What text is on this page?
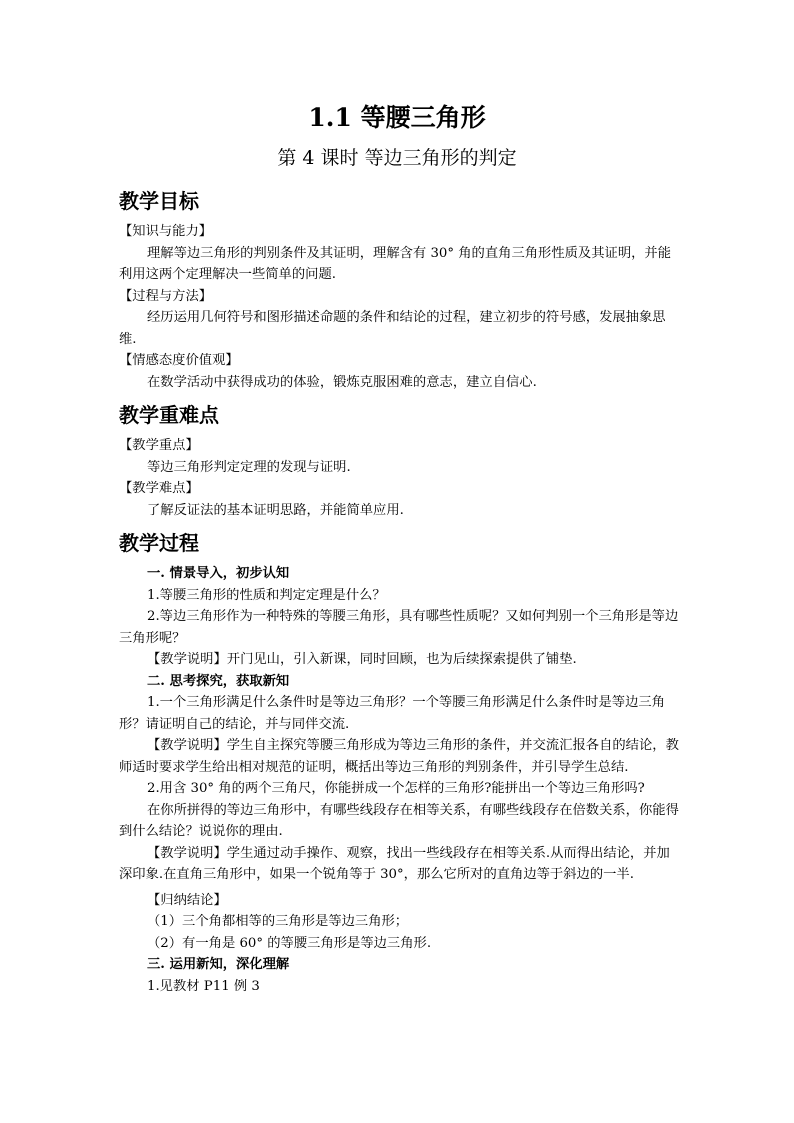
1.1 等腰三角形
第 4 课时 等边三角形的判定
教学目标
【知识与能力】

理解等边三角形的判别条件及其证明，理解含有 30° 角的直角三角形性质及其证明，并能利用这两个定理解决一些简单的问题.

【过程与方法】

经历运用几何符号和图形描述命题的条件和结论的过程，建立初步的符号感，发展抽象思维.

【情感态度价值观】

在数学活动中获得成功的体验，锻炼克服困难的意志，建立自信心.

教学重难点
【教学重点】

等边三角形判定定理的发现与证明.

【教学难点】

了解反证法的基本证明思路，并能简单应用.

教学过程

一. 情景导入，初步认知

1.等腰三角形的性质和判定定理是什么？

2.等边三角形作为一种特殊的等腰三角形，具有哪些性质呢？又如何判别一个三角形是等边三角形呢？

【教学说明】开门见山，引入新课，同时回顾，也为后续探索提供了铺垫.

二. 思考探究，获取新知

1.一个三角形满足什么条件时是等边三角形？一个等腰三角形满足什么条件时是等边三角形？请证明自己的结论，并与同伴交流.

【教学说明】学生自主探究等腰三角形成为等边三角形的条件，并交流汇报各自的结论，教师适时要求学生给出相对规范的证明，概括出等边三角形的判别条件，并引导学生总结.

2.用含 30° 角的两个三角尺，你能拼成一个怎样的三角形?能拼出一个等边三角形吗?

在你所拼得的等边三角形中，有哪些线段存在相等关系，有哪些线段存在倍数关系，你能得到什么结论？说说你的理由.

【教学说明】学生通过动手操作、观察，找出一些线段存在相等关系.从而得出结论，并加深印象.在直角三角形中，如果一个锐角等于 30°，那么它所对的直角边等于斜边的一半.

【归纳结论】

（1）三个角都相等的三角形是等边三角形；

（2）有一角是 60° 的等腰三角形是等边三角形.

三. 运用新知，深化理解

1.见教材 P11 例 3
